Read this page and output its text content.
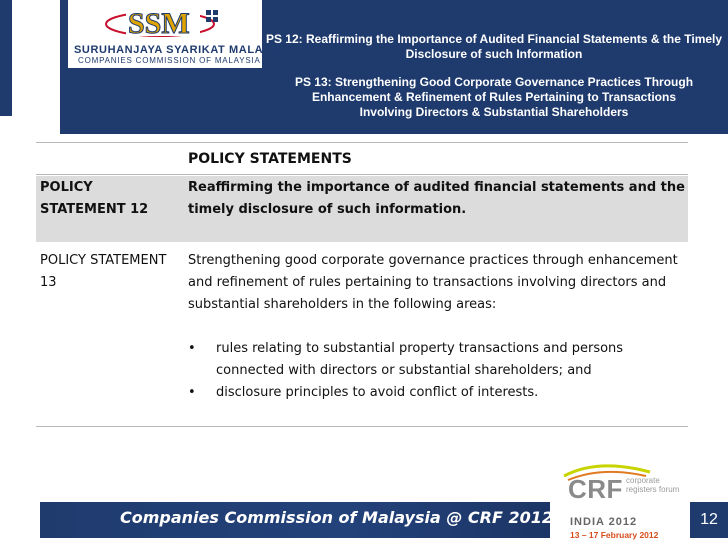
SSM
SURUHANJAYA SYARIKAT MALAYSIA
COMPANIES COMMISSION OF MALAYSIA
PS 12: Reaffirming the Importance of Audited Financial Statements & the Timely Disclosure of such Information
PS 13: Strengthening Good Corporate Governance Practices Through Enhancement & Refinement of Rules Pertaining to Transactions Involving Directors & Substantial Shareholders
POLICY STATEMENTS
POLICY STATEMENT 12
Reaffirming the importance of audited financial statements and the timely disclosure of such information.
POLICY STATEMENT 13
Strengthening good corporate governance practices through enhancement and refinement of rules pertaining to transactions involving directors and substantial shareholders in the following areas:
• rules relating to substantial property transactions and persons connected with directors or substantial shareholders; and
• disclosure principles to avoid conflict of interests.
Companies Commission of Malaysia @ CRF 2012
CRF corporate
registers forum
INDIA 2012
13 – 17 February 2012
12
